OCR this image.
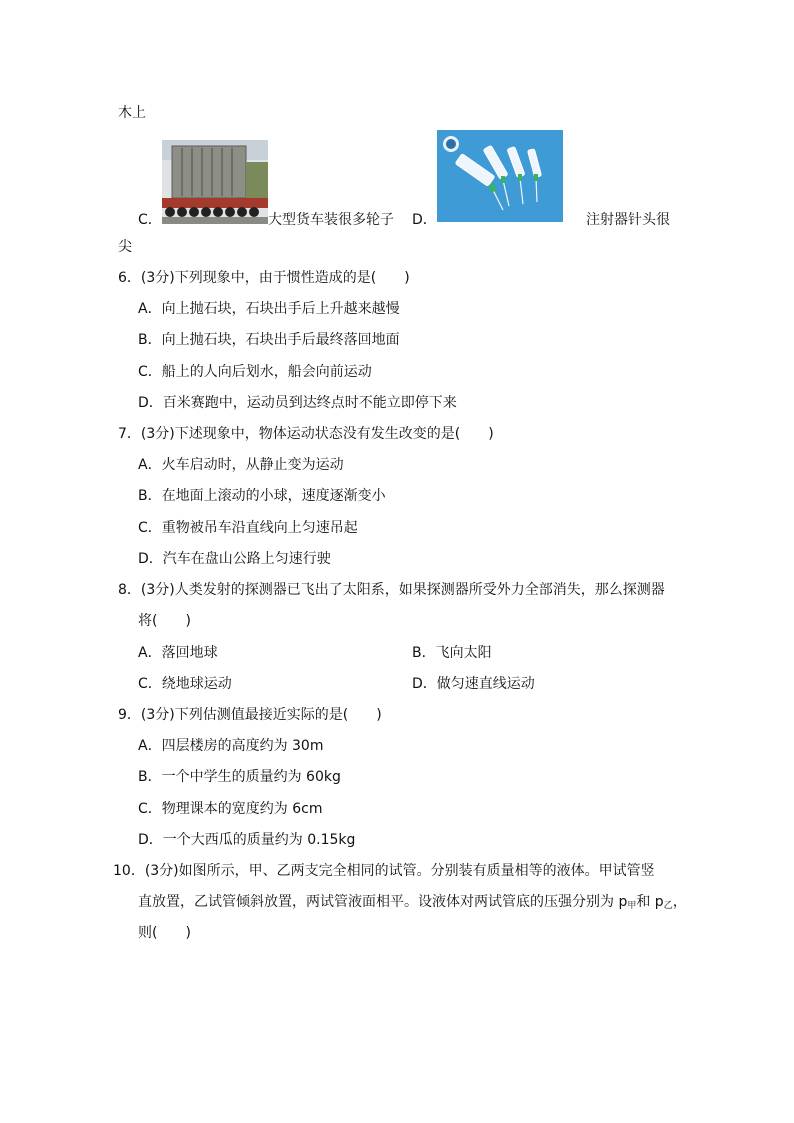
木上
C．	大型货车装很多轮子 D．	注射器针头很
尖
6．(3分)下列现象中，由于惯性造成的是(　　)
A．向上抛石块，石块出手后上升越来越慢
B．向上抛石块，石块出手后最终落回地面
C．船上的人向后划水，船会向前运动
D．百米赛跑中，运动员到达终点时不能立即停下来
7．(3分)下述现象中，物体运动状态没有发生改变的是(　　)
A．火车启动时，从静止变为运动
B．在地面上滚动的小球，速度逐渐变小
C．重物被吊车沿直线向上匀速吊起
D．汽车在盘山公路上匀速行驶
8．(3分)人类发射的探测器已飞出了太阳系，如果探测器所受外力全部消失，那么探测器
将(　　)
A．落回地球	B．飞向太阳
C．绕地球运动	D．做匀速直线运动
9．(3分)下列估测值最接近实际的是(　　)
A．四层楼房的高度约为 30m
B．一个中学生的质量约为 60kg
C．物理课本的宽度约为 6cm
D．一个大西瓜的质量约为 0.15kg
10．(3分)如图所示，甲、乙两支完全相同的试管。分别装有质量相等的液体。甲试管竖
直放置，乙试管倾斜放置，两试管液面相平。设液体对两试管底的压强分别为 $p_甲$和 $p_乙$，
则(　　)
